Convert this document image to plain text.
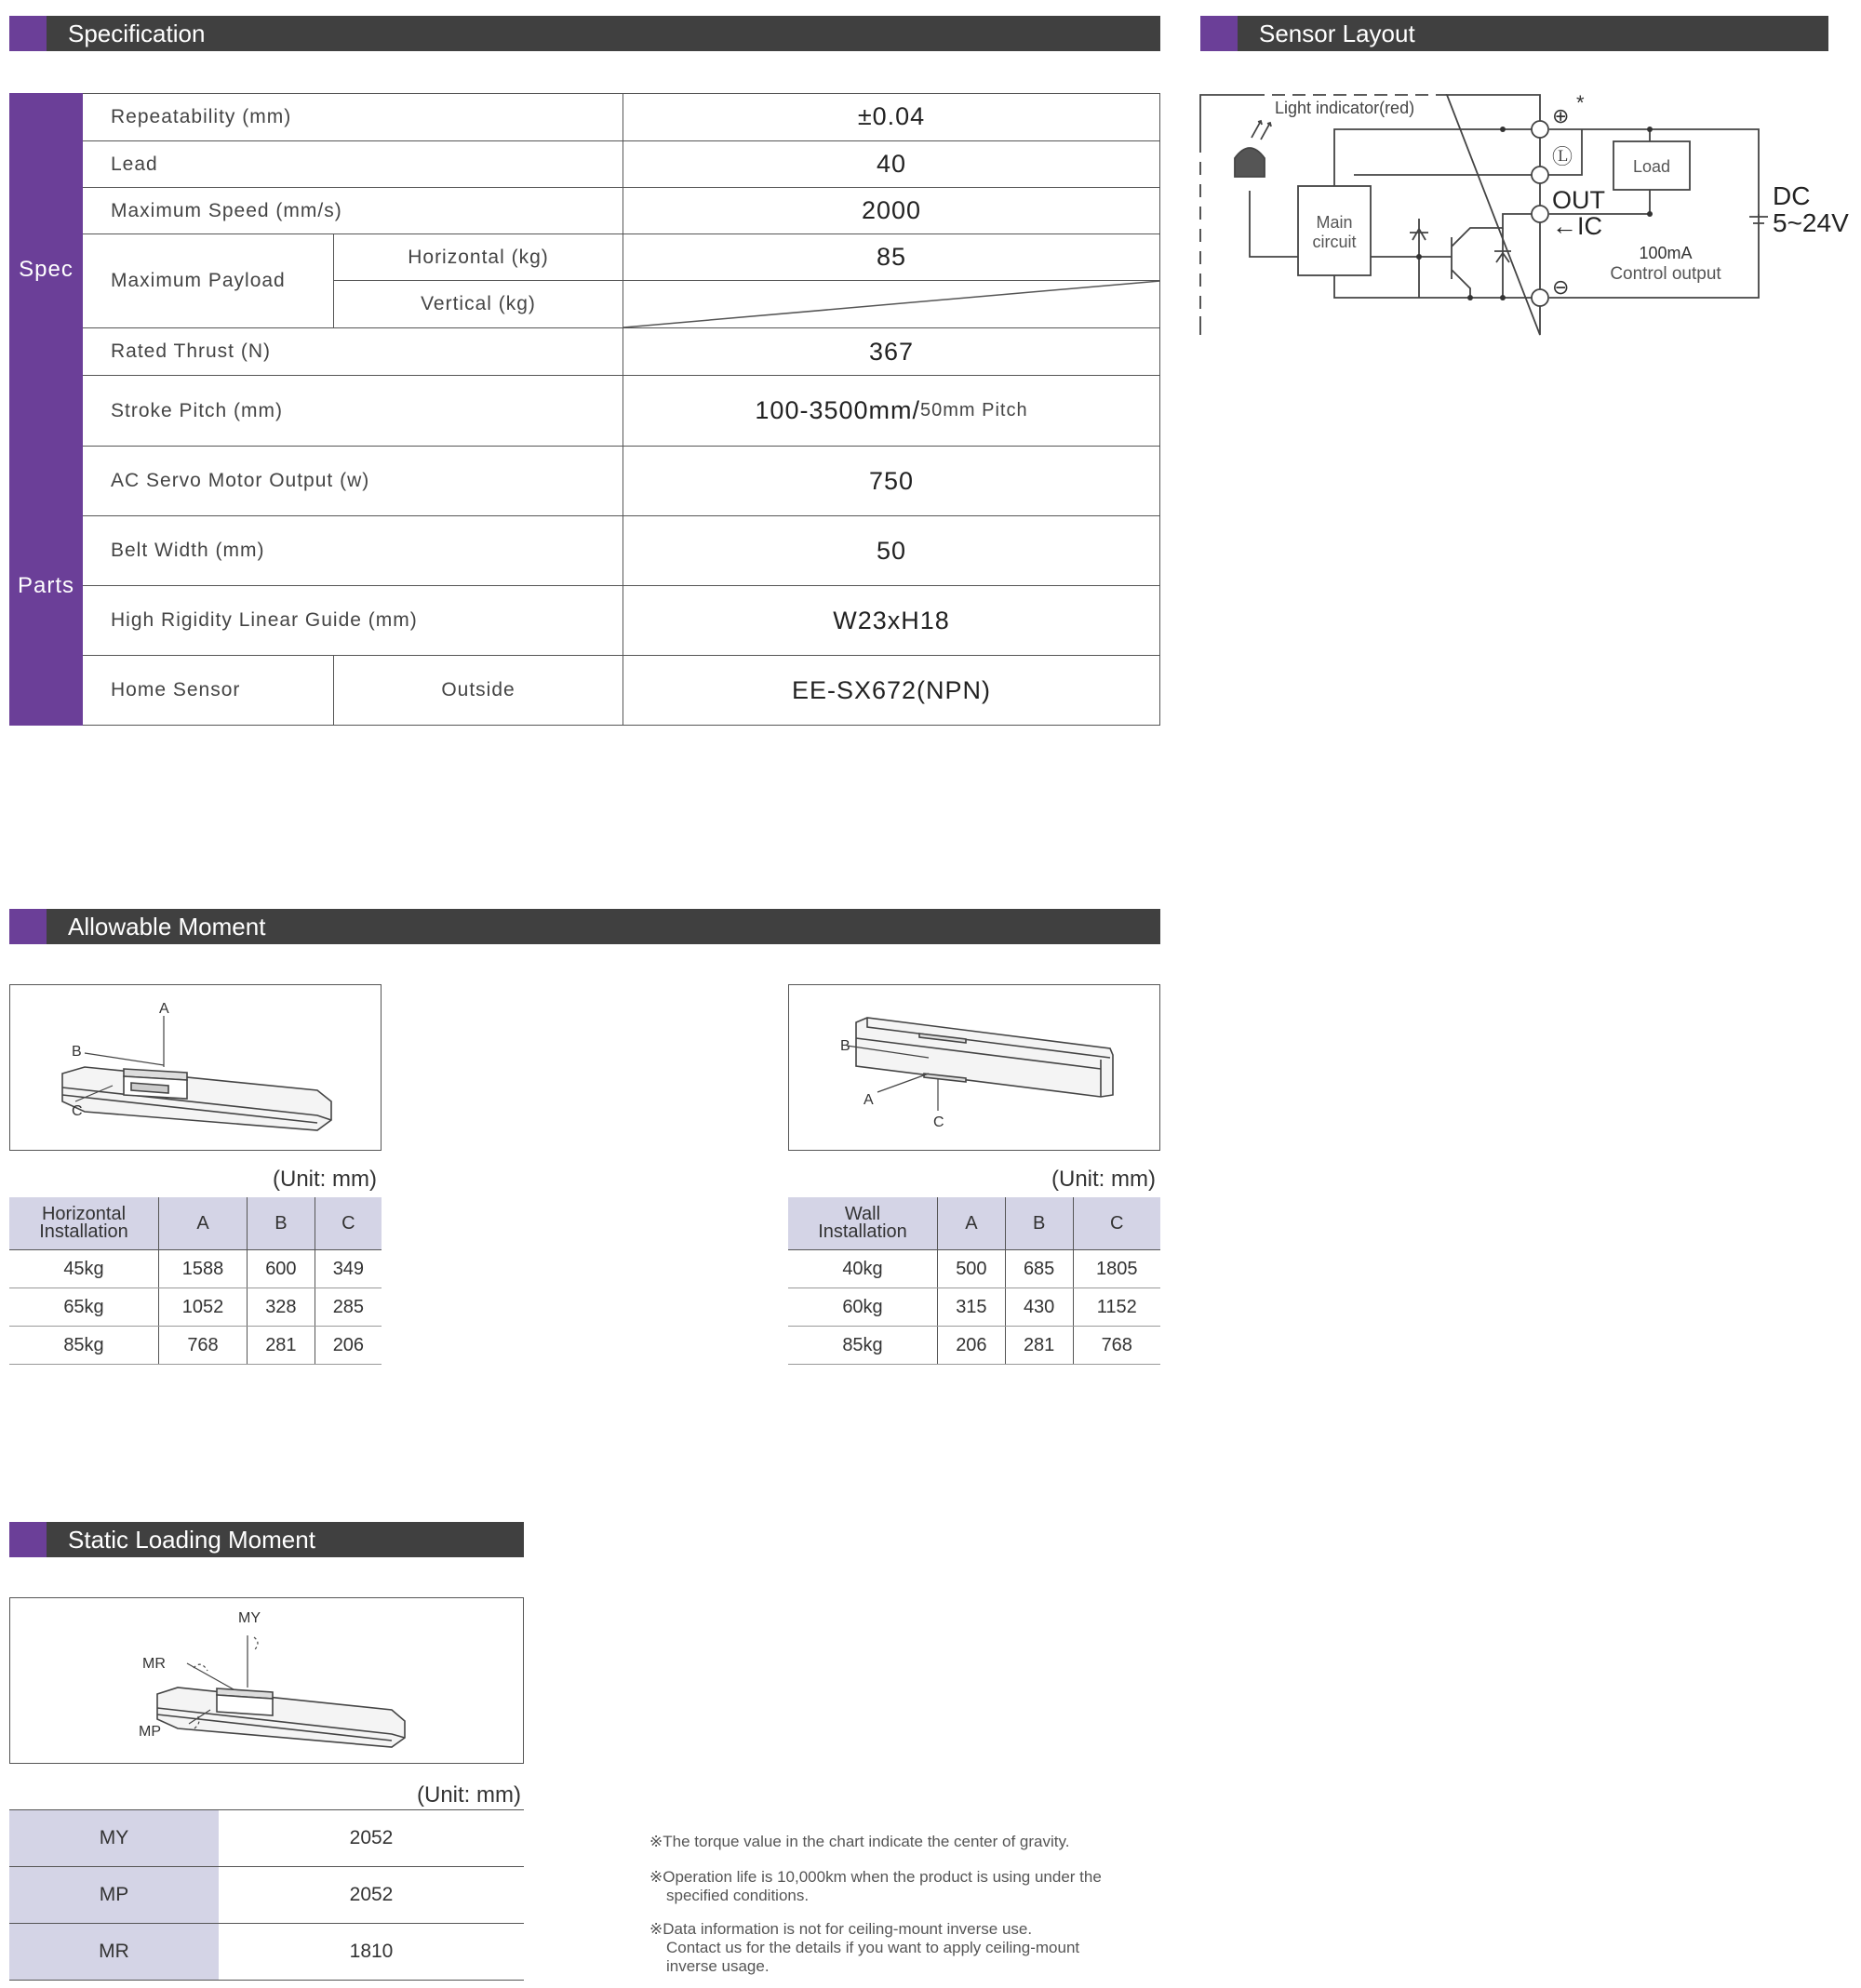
Specification	Sensor Layout
Allowable Moment
Static Loading Moment
Spec
Parts
Repeatability (mm)	±0.04
Lead	40
Maximum Speed (mm/s)	2000
Maximum Payload
Horizontal (kg)	85
Vertical (kg)
Rated Thrust (N)	367
Stroke Pitch (mm)	100-3500mm/ 50mm Pitch
AC Servo Motor Output (w)	750
Belt Width (mm)	50
High Rigidity Linear Guide (mm)	W23xH18
Home Sensor	Outside	EE-SX672(NPN)
Light indicator(red)	*
⊕
Ⓛ
⊖
Main
circuit
Load
OUT
←IC
100mA
Control output
DC
5~24V
A
B
C
B
A
C
(Unit: mm)	(Unit: mm)
Horizontal
Installation	A	B	C
45kg	1588	600	349
65kg	1052	328	285
85kg	768	281	206
Wall
Installation	A	B	C
40kg	500	685	1805
60kg	315	430	1152
85kg	206	281	768
MY
MR
MP
(Unit: mm)
MY	2052
MP	2052
MR	1810
※The torque value in the chart indicate the center of gravity.
※Operation life is 10,000km when the product is using under the
specified conditions.
※Data information is not for ceiling-mount inverse use.
Contact us for the details if you want to apply ceiling-mount
inverse usage.
